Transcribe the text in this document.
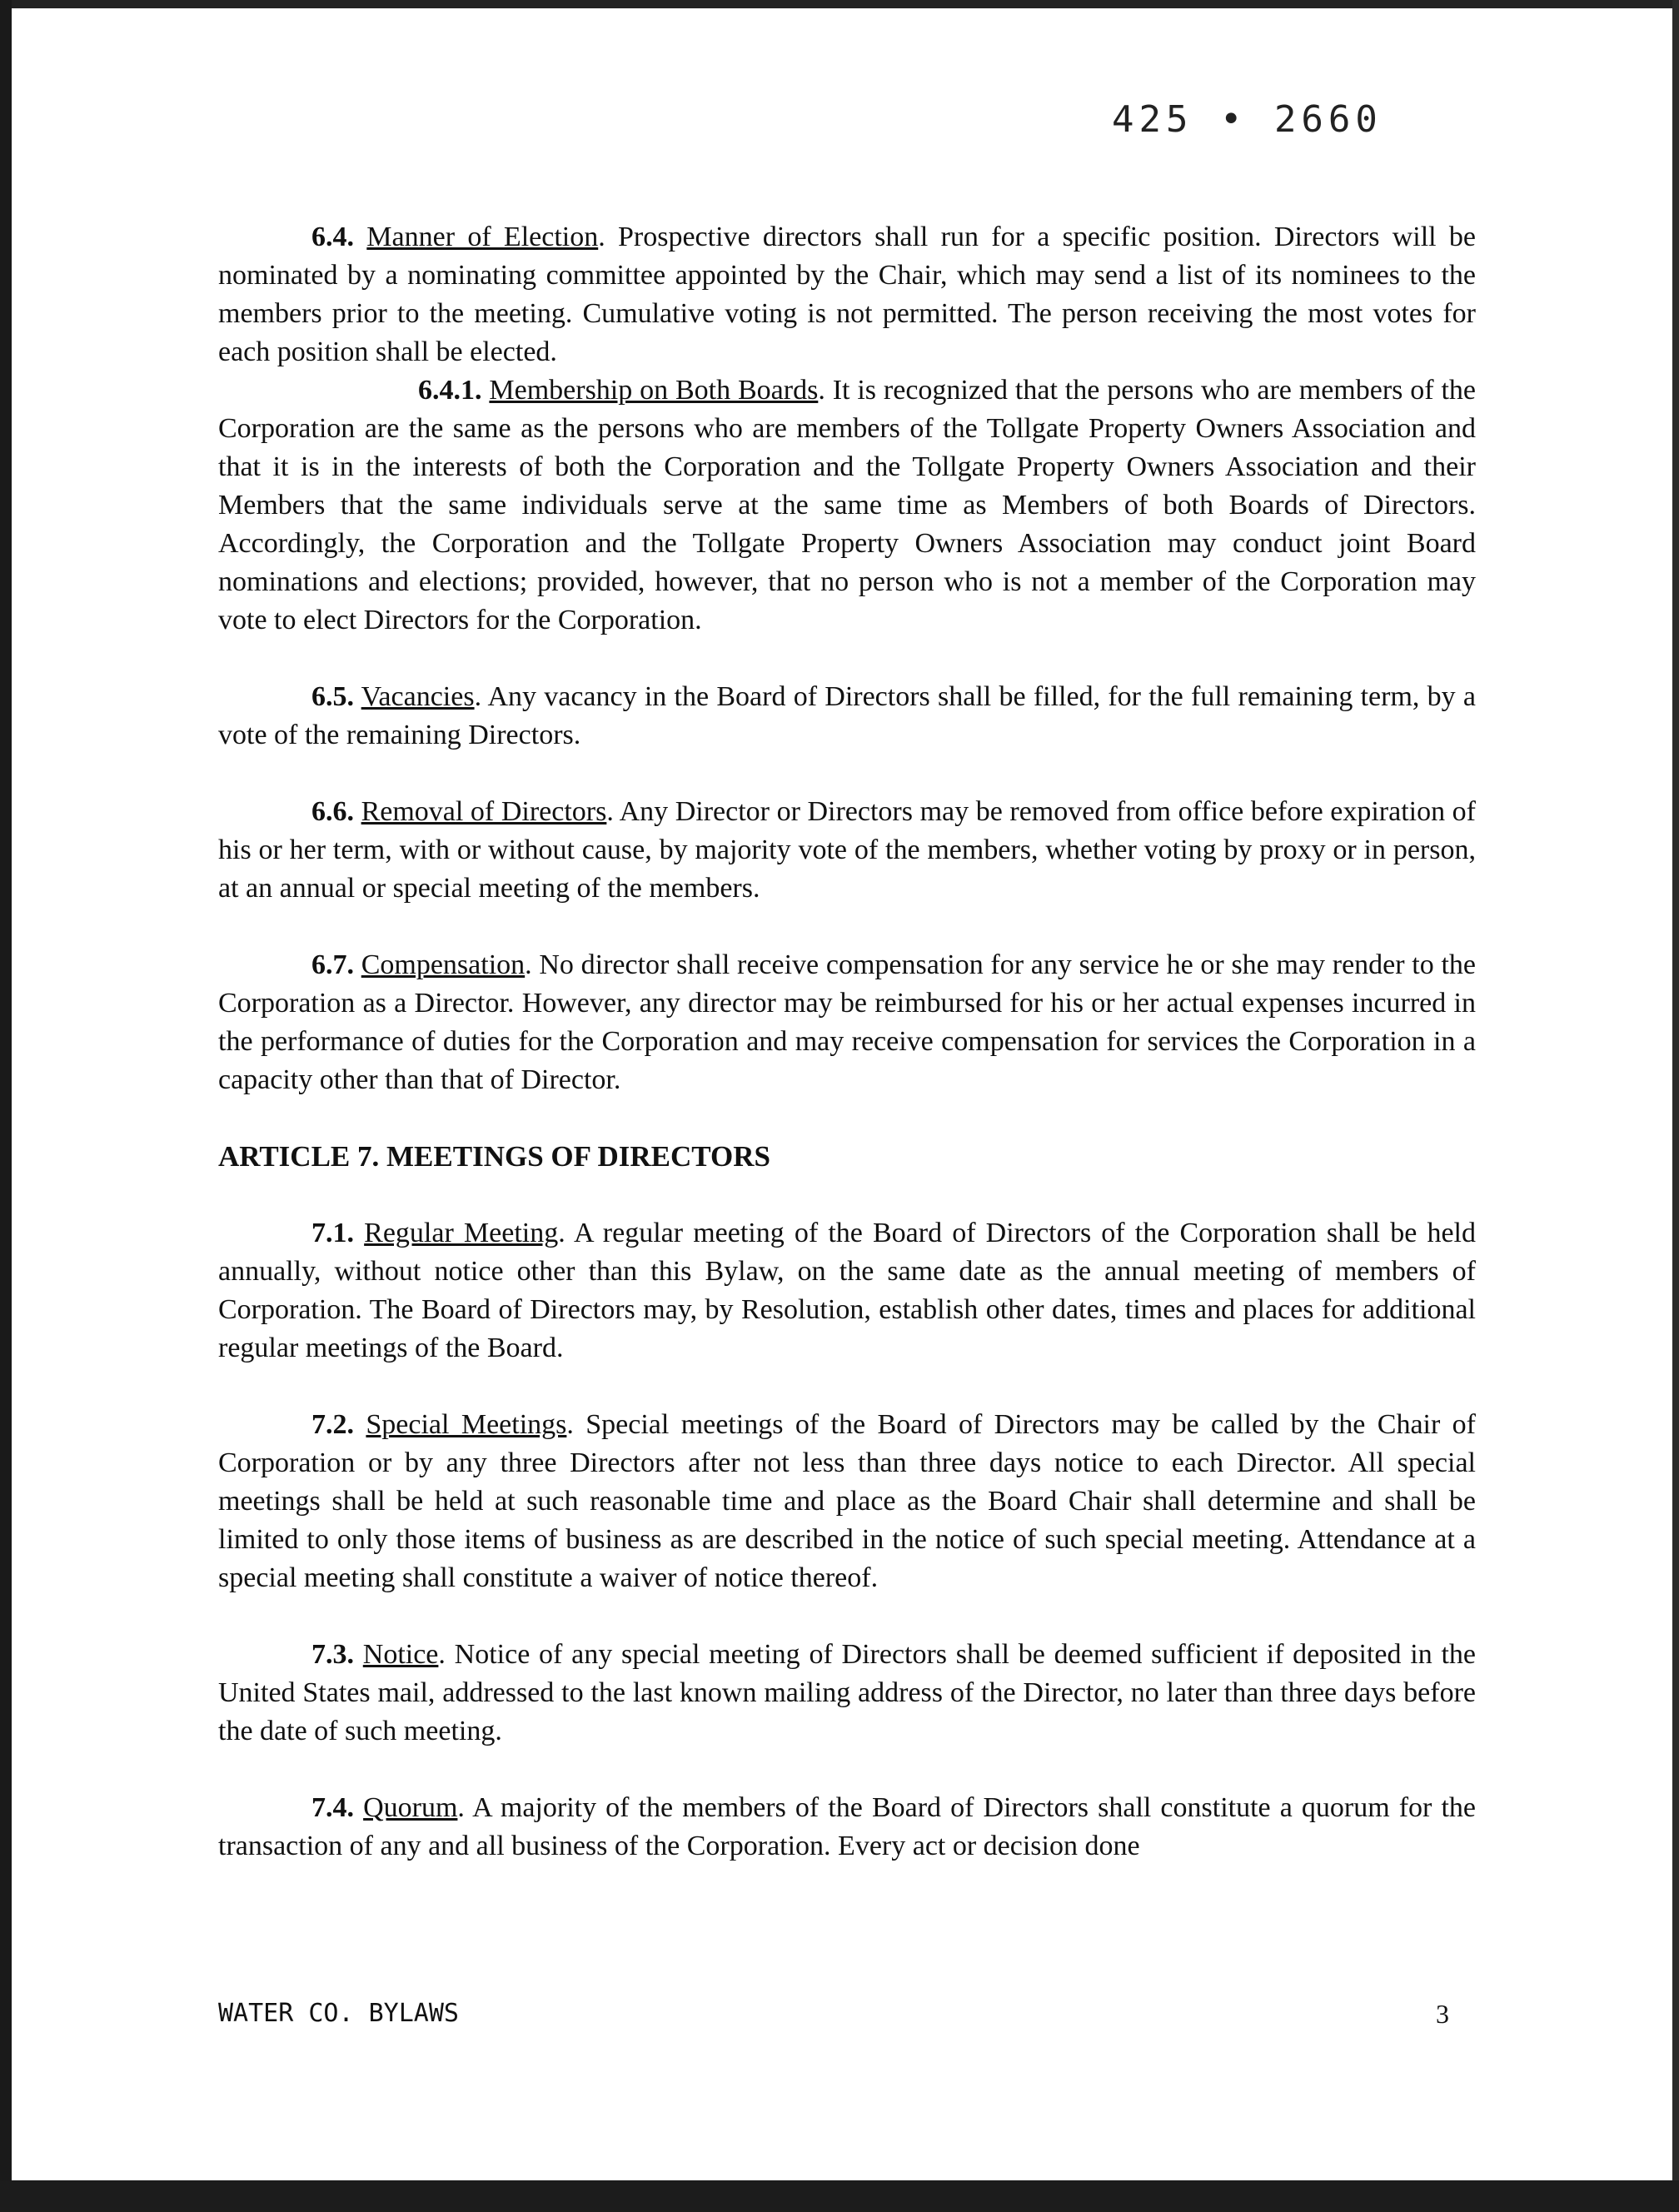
425 • 2660

6.4. Manner of Election. Prospective directors shall run for a specific position. Directors will be nominated by a nominating committee appointed by the Chair, which may send a list of its nominees to the members prior to the meeting. Cumulative voting is not permitted. The person receiving the most votes for each position shall be elected.

6.4.1. Membership on Both Boards. It is recognized that the persons who are members of the Corporation are the same as the persons who are members of the Tollgate Property Owners Association and that it is in the interests of both the Corporation and the Tollgate Property Owners Association and their Members that the same individuals serve at the same time as Members of both Boards of Directors. Accordingly, the Corporation and the Tollgate Property Owners Association may conduct joint Board nominations and elections; provided, however, that no person who is not a member of the Corporation may vote to elect Directors for the Corporation.

6.5. Vacancies. Any vacancy in the Board of Directors shall be filled, for the full remaining term, by a vote of the remaining Directors.

6.6. Removal of Directors. Any Director or Directors may be removed from office before expiration of his or her term, with or without cause, by majority vote of the members, whether voting by proxy or in person, at an annual or special meeting of the members.

6.7. Compensation. No director shall receive compensation for any service he or she may render to the Corporation as a Director. However, any director may be reimbursed for his or her actual expenses incurred in the performance of duties for the Corporation and may receive compensation for services the Corporation in a capacity other than that of Director.

ARTICLE 7. MEETINGS OF DIRECTORS

7.1. Regular Meeting. A regular meeting of the Board of Directors of the Corporation shall be held annually, without notice other than this Bylaw, on the same date as the annual meeting of members of Corporation. The Board of Directors may, by Resolution, establish other dates, times and places for additional regular meetings of the Board.

7.2. Special Meetings. Special meetings of the Board of Directors may be called by the Chair of Corporation or by any three Directors after not less than three days notice to each Director. All special meetings shall be held at such reasonable time and place as the Board Chair shall determine and shall be limited to only those items of business as are described in the notice of such special meeting. Attendance at a special meeting shall constitute a waiver of notice thereof.

7.3. Notice. Notice of any special meeting of Directors shall be deemed sufficient if deposited in the United States mail, addressed to the last known mailing address of the Director, no later than three days before the date of such meeting.

7.4. Quorum. A majority of the members of the Board of Directors shall constitute a quorum for the transaction of any and all business of the Corporation. Every act or decision done

WATER CO. BYLAWS	3
